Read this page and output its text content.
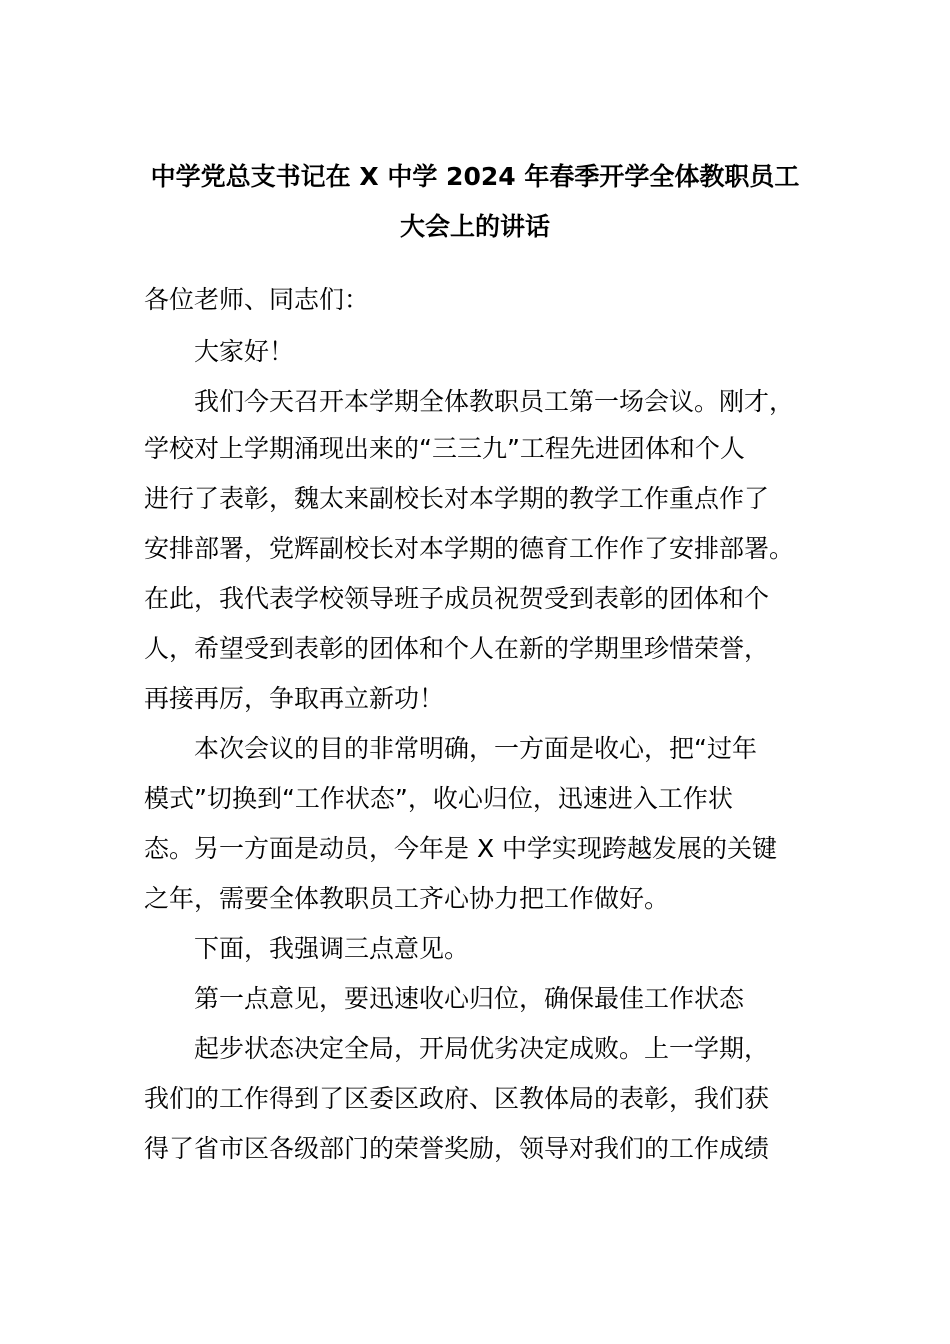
中学党总支书记在 X 中学 2024 年春季开学全体教职员工
大会上的讲话
各位老师、同志们：
大家好！
我们今天召开本学期全体教职员工第一场会议。刚才，
学校对上学期涌现出来的“三三九”工程先进团体和个人
进行了表彰，魏太来副校长对本学期的教学工作重点作了
安排部署，党辉副校长对本学期的德育工作作了安排部署。
在此，我代表学校领导班子成员祝贺受到表彰的团体和个
人，希望受到表彰的团体和个人在新的学期里珍惜荣誉，
再接再厉，争取再立新功！
本次会议的目的非常明确，一方面是收心，把“过年
模式”切换到“工作状态”，收心归位，迅速进入工作状
态。另一方面是动员，今年是 X 中学实现跨越发展的关键
之年，需要全体教职员工齐心协力把工作做好。
下面，我强调三点意见。
第一点意见，要迅速收心归位，确保最佳工作状态
起步状态决定全局，开局优劣决定成败。上一学期，
我们的工作得到了区委区政府、区教体局的表彰，我们获
得了省市区各级部门的荣誉奖励，领导对我们的工作成绩
